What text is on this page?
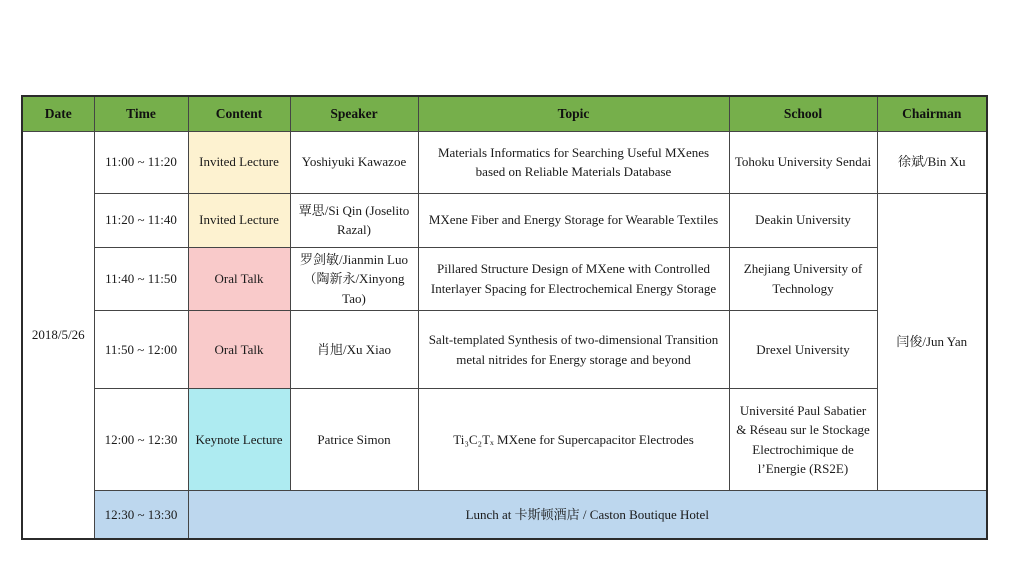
Date	Time	Content	Speaker	Topic	School	Chairman
2018/5/26	11:00 ~ 11:20	Invited Lecture	Yoshiyuki Kawazoe	Materials Informatics for Searching Useful MXenes based on Reliable Materials Database	Tohoku University Sendai	徐斌/Bin Xu
	11:20 ~ 11:40	Invited Lecture	覃思/Si Qin (Joselito Razal)	MXene Fiber and Energy Storage for Wearable Textiles	Deakin University	闫俊/Jun Yan
	11:40 ~ 11:50	Oral Talk	罗剑敏/Jianmin Luo （陶新永/Xinyong Tao)	Pillared Structure Design of MXene with Controlled Interlayer Spacing for Electrochemical Energy Storage	Zhejiang University of Technology	
	11:50 ~ 12:00	Oral Talk	肖旭/Xu Xiao	Salt-templated Synthesis of two-dimensional Transition metal nitrides for Energy storage and beyond	Drexel University	
	12:00 ~ 12:30	Keynote Lecture	Patrice Simon	Ti₃C₂Tₓ MXene for Supercapacitor Electrodes	Université Paul Sabatier & Réseau sur le Stockage Electrochimique de l’Energie (RS2E)	
	12:30 ~ 13:30	Lunch at 卡斯顿酒店 / Caston Boutique Hotel				
